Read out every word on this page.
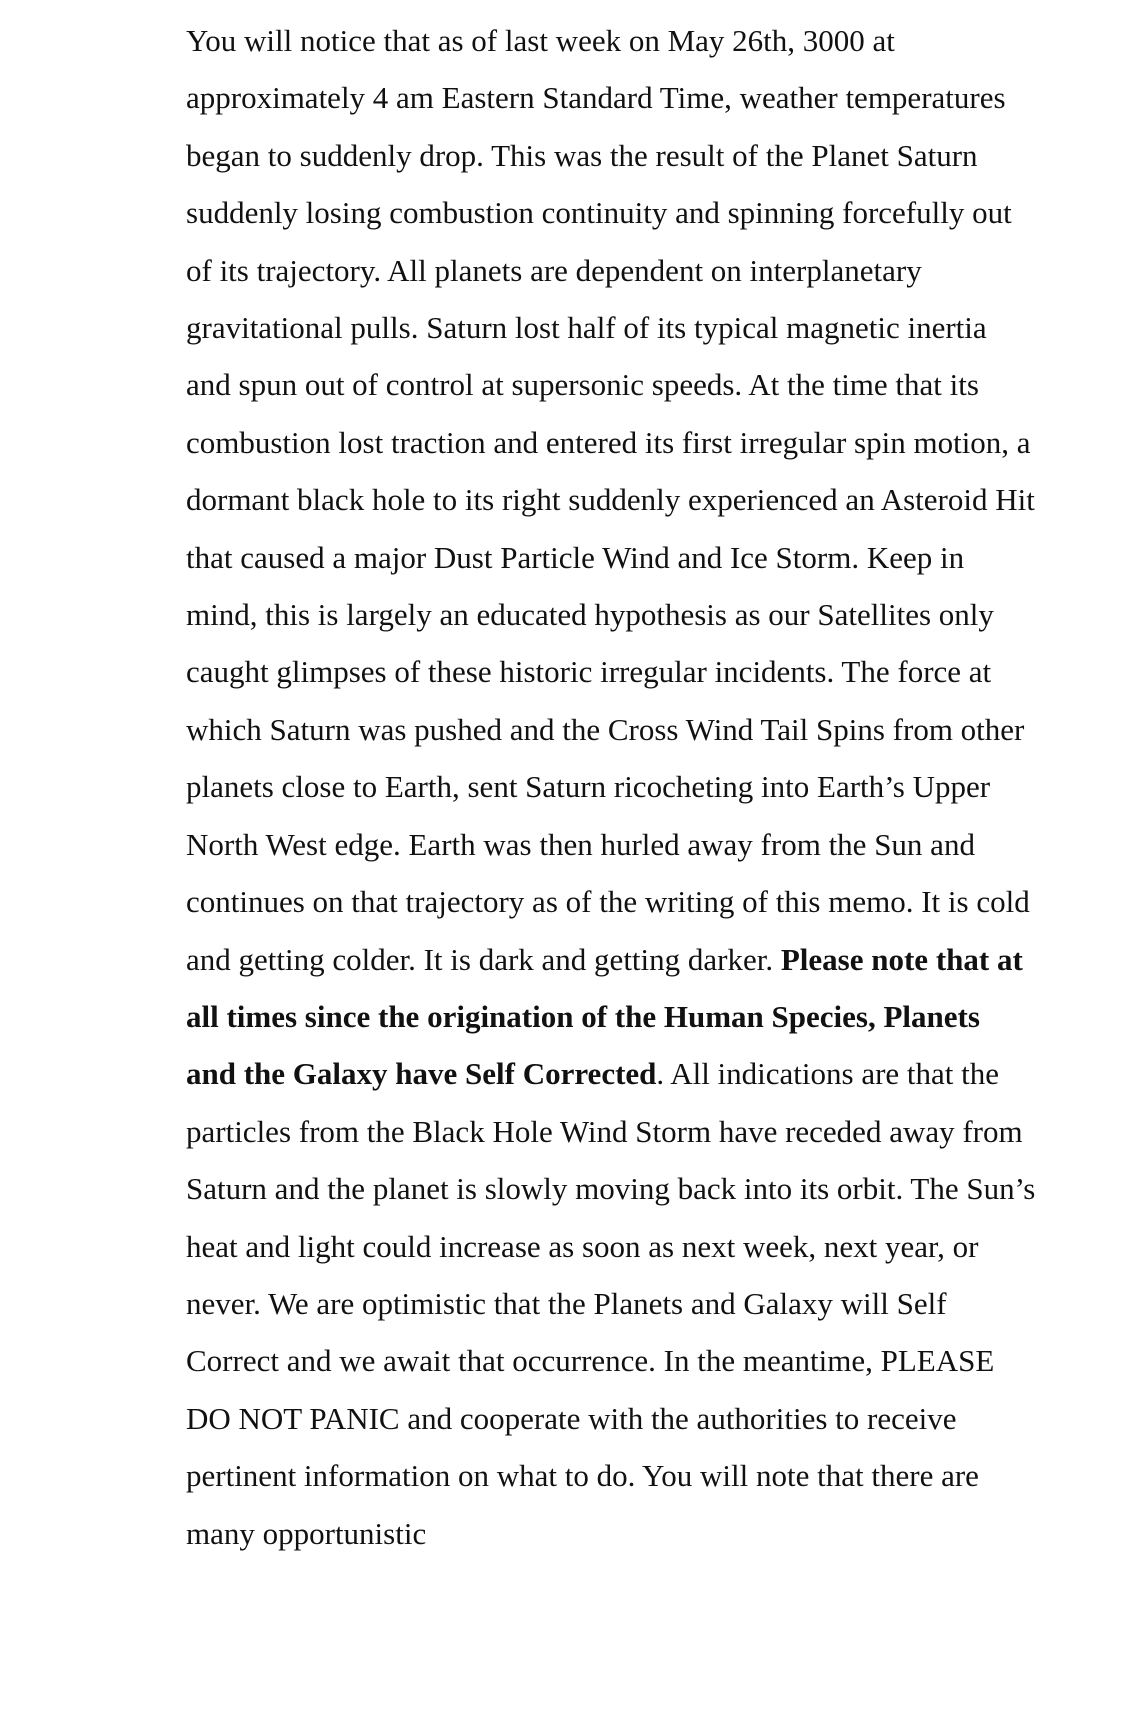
You will notice that as of last week on May 26th, 3000 at approximately 4 am Eastern Standard Time, weather temperatures began to suddenly drop. This was the result of the Planet Saturn suddenly losing combustion continuity and spinning forcefully out of its trajectory. All planets are dependent on interplanetary gravitational pulls. Saturn lost half of its typical magnetic inertia and spun out of control at supersonic speeds. At the time that its combustion lost traction and entered its first irregular spin motion, a dormant black hole to its right suddenly experienced an Asteroid Hit that caused a major Dust Particle Wind and Ice Storm. Keep in mind, this is largely an educated hypothesis as our Satellites only caught glimpses of these historic irregular incidents. The force at which Saturn was pushed and the Cross Wind Tail Spins from other planets close to Earth, sent Saturn ricocheting into Earth’s Upper North West edge. Earth was then hurled away from the Sun and continues on that trajectory as of the writing of this memo. It is cold and getting colder. It is dark and getting darker. Please note that at all times since the origination of the Human Species, Planets and the Galaxy have Self Corrected. All indications are that the particles from the Black Hole Wind Storm have receded away from Saturn and the planet is slowly moving back into its orbit. The Sun’s heat and light could increase as soon as next week, next year, or never. We are optimistic that the Planets and Galaxy will Self Correct and we await that occurrence. In the meantime, PLEASE DO NOT PANIC and cooperate with the authorities to receive pertinent information on what to do. You will note that there are many opportunistic
